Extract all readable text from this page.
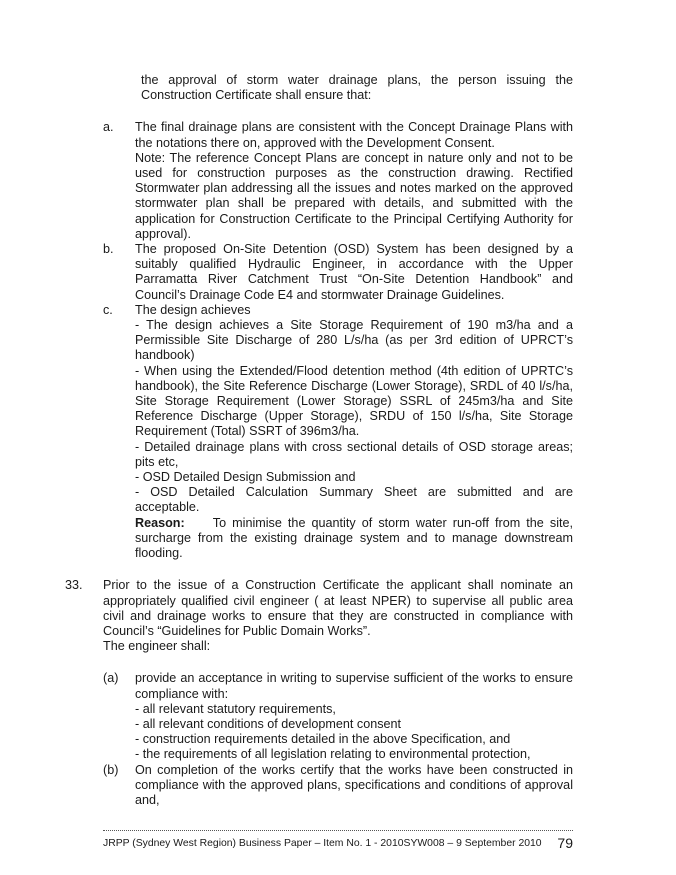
the approval of storm water drainage plans, the person issuing the Construction Certificate shall ensure that:
a. The final drainage plans are consistent with the Concept Drainage Plans with the notations there on, approved with the Development Consent.
Note: The reference Concept Plans are concept in nature only and not to be used for construction purposes as the construction drawing. Rectified Stormwater plan addressing all the issues and notes marked on the approved stormwater plan shall be prepared with details, and submitted with the application for Construction Certificate to the Principal Certifying Authority for approval).
b. The proposed On-Site Detention (OSD) System has been designed by a suitably qualified Hydraulic Engineer, in accordance with the Upper Parramatta River Catchment Trust “On-Site Detention Handbook” and Council’s Drainage Code E4 and stormwater Drainage Guidelines.
c. The design achieves
- The design achieves a Site Storage Requirement of 190 m3/ha and a Permissible Site Discharge of 280 L/s/ha (as per 3rd edition of UPRCT’s handbook)
- When using the Extended/Flood detention method (4th edition of UPRTC’s handbook), the Site Reference Discharge (Lower Storage), SRDL of 40 l/s/ha, Site Storage Requirement (Lower Storage) SSRL of 245m3/ha and Site Reference Discharge (Upper Storage), SRDU of 150 l/s/ha, Site Storage Requirement (Total) SSRT of 396m3/ha.
- Detailed drainage plans with cross sectional details of OSD storage areas; pits etc,
- OSD Detailed Design Submission and
- OSD Detailed Calculation Summary Sheet are submitted and are acceptable.
Reason: To minimise the quantity of storm water run-off from the site, surcharge from the existing drainage system and to manage downstream flooding.
33. Prior to the issue of a Construction Certificate the applicant shall nominate an appropriately qualified civil engineer ( at least NPER) to supervise all public area civil and drainage works to ensure that they are constructed in compliance with Council’s “Guidelines for Public Domain Works”.
The engineer shall:
(a) provide an acceptance in writing to supervise sufficient of the works to ensure compliance with:
- all relevant statutory requirements,
- all relevant conditions of development consent
- construction requirements detailed in the above Specification, and
- the requirements of all legislation relating to environmental protection,
(b) On completion of the works certify that the works have been constructed in compliance with the approved plans, specifications and conditions of approval and,
JRPP (Sydney West Region) Business Paper – Item No. 1 - 2010SYW008 – 9 September 2010 79
